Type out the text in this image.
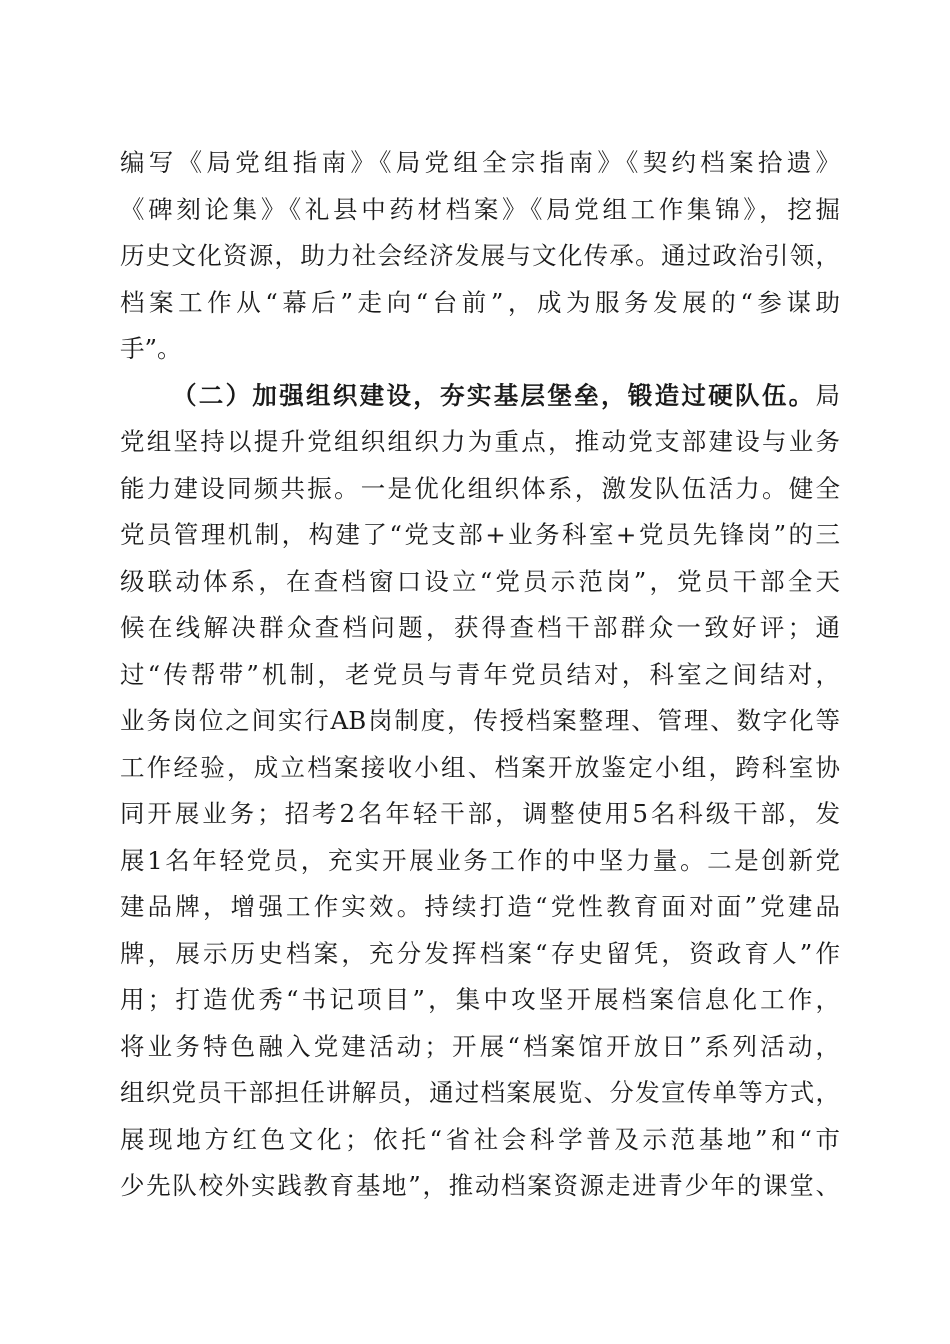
编写《局党组指南》《局党组全宗指南》《契约档案拾遗》
《碑刻论集》《礼县中药材档案》《局党组工作集锦》，挖掘
历史文化资源，助力社会经济发展与文化传承。通过政治引领，
档案工作从“幕后”走向“台前”，成为服务发展的“参谋助
手”。
（二）加强组织建设，夯实基层堡垒，锻造过硬队伍。局
党组坚持以提升党组织组织力为重点，推动党支部建设与业务
能力建设同频共振。一是优化组织体系，激发队伍活力。健全
党员管理机制，构建了“党支部+业务科室+党员先锋岗”的三
级联动体系，在查档窗口设立“党员示范岗”，党员干部全天
候在线解决群众查档问题，获得查档干部群众一致好评；通
过“传帮带”机制，老党员与青年党员结对，科室之间结对，
业务岗位之间实行AB岗制度，传授档案整理、管理、数字化等
工作经验，成立档案接收小组、档案开放鉴定小组，跨科室协
同开展业务；招考2名年轻干部，调整使用5名科级干部，发
展1名年轻党员，充实开展业务工作的中坚力量。二是创新党
建品牌，增强工作实效。持续打造“党性教育面对面”党建品
牌，展示历史档案，充分发挥档案“存史留凭，资政育人”作
用；打造优秀“书记项目”，集中攻坚开展档案信息化工作，
将业务特色融入党建活动；开展“档案馆开放日”系列活动，
组织党员干部担任讲解员，通过档案展览、分发宣传单等方式，
展现地方红色文化；依托“省社会科学普及示范基地”和“市
少先队校外实践教育基地”，推动档案资源走进青少年的课堂、
